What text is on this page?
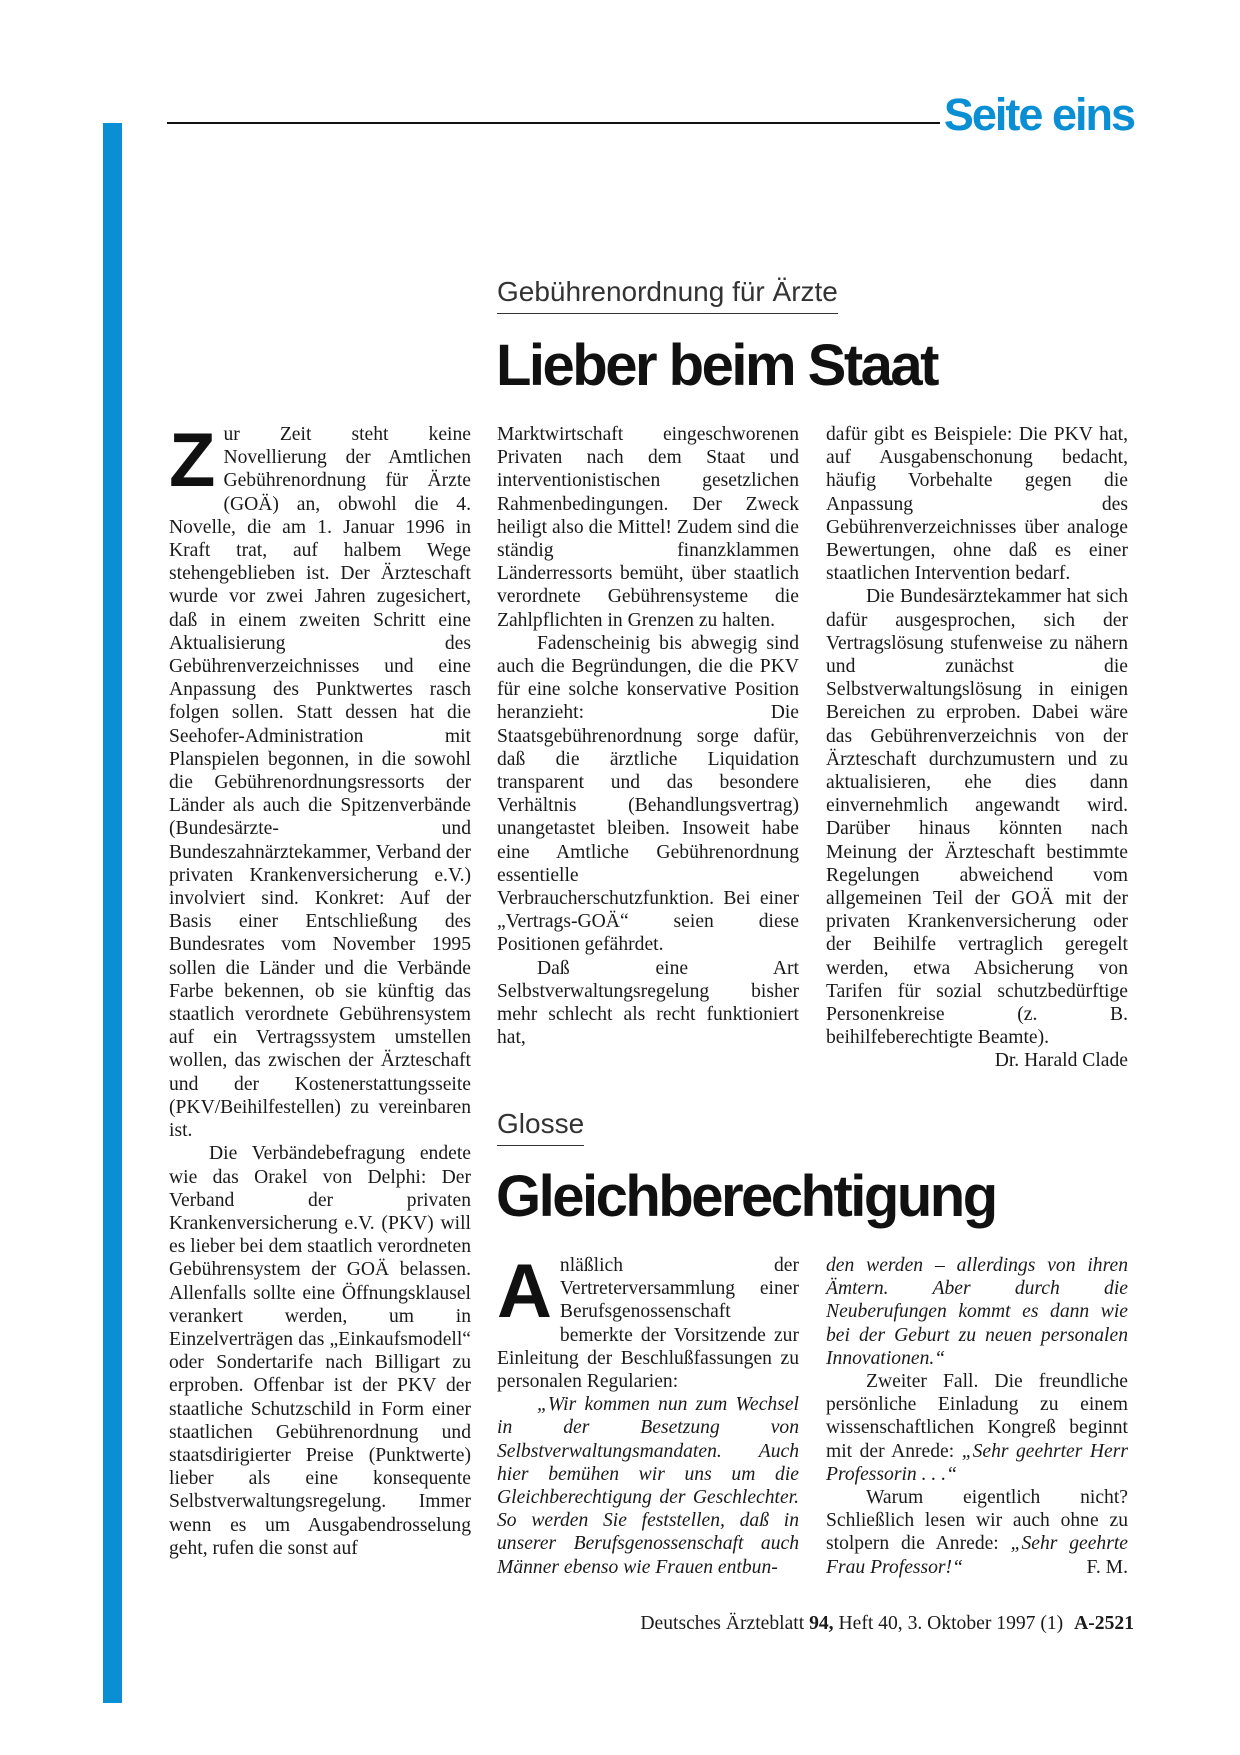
Seite eins
Gebührenordnung für Ärzte
Lieber beim Staat

Zur Zeit steht keine Novellierung der Amtlichen Gebührenordnung für Ärzte (GOÄ) an, obwohl die 4. Novelle, die am 1. Januar 1996 in Kraft trat, auf halbem Wege stehengeblieben ist. Der Ärzteschaft wurde vor zwei Jahren zugesichert, daß in einem zweiten Schritt eine Aktualisierung des Gebührenverzeichnisses und eine Anpassung des Punktwertes rasch folgen sollen. Statt dessen hat die Seehofer-Administration mit Planspielen begonnen, in die sowohl die Gebührenordnungsressorts der Länder als auch die Spitzenverbände (Bundesärzte- und Bundeszahnärztekammer, Verband der privaten Krankenversicherung e.V.) involviert sind. Konkret: Auf der Basis einer Entschließung des Bundesrates vom November 1995 sollen die Länder und die Verbände Farbe bekennen, ob sie künftig das staatlich verordnete Gebührensystem auf ein Vertragssystem umstellen wollen, das zwischen der Ärzteschaft und der Kostenerstattungsseite (PKV/Beihilfestellen) zu vereinbaren ist.

Die Verbändebefragung endete wie das Orakel von Delphi: Der Verband der privaten Krankenversicherung e.V. (PKV) will es lieber bei dem staatlich verordneten Gebührensystem der GOÄ belassen. Allenfalls sollte eine Öffnungsklausel verankert werden, um in Einzelverträgen das „Einkaufsmodell“ oder Sondertarife nach Billigart zu erproben. Offenbar ist der PKV der staatliche Schutzschild in Form einer staatlichen Gebührenordnung und staatsdirigierter Preise (Punktwerte) lieber als eine konsequente Selbstverwaltungsregelung. Immer wenn es um Ausgabendrosselung geht, rufen die sonst auf

Marktwirtschaft eingeschworenen Privaten nach dem Staat und interventionistischen gesetzlichen Rahmenbedingungen. Der Zweck heiligt also die Mittel! Zudem sind die ständig finanzklammen Länderressorts bemüht, über staatlich verordnete Gebührensysteme die Zahlpflichten in Grenzen zu halten.

Fadenscheinig bis abwegig sind auch die Begründungen, die die PKV für eine solche konservative Position heranzieht: Die Staatsgebührenordnung sorge dafür, daß die ärztliche Liquidation transparent und das besondere Verhältnis (Behandlungsvertrag) unangetastet bleiben. Insoweit habe eine Amtliche Gebührenordnung essentielle Verbraucherschutzfunktion. Bei einer „Vertrags-GOÄ“ seien diese Positionen gefährdet.

Daß eine Art Selbstverwaltungsregelung bisher mehr schlecht als recht funktioniert hat,

dafür gibt es Beispiele: Die PKV hat, auf Ausgabenschonung bedacht, häufig Vorbehalte gegen die Anpassung des Gebührenverzeichnisses über analoge Bewertungen, ohne daß es einer staatlichen Intervention bedarf.

Die Bundesärztekammer hat sich dafür ausgesprochen, sich der Vertragslösung stufenweise zu nähern und zunächst die Selbstverwaltungslösung in einigen Bereichen zu erproben. Dabei wäre das Gebührenverzeichnis von der Ärzteschaft durchzumustern und zu aktualisieren, ehe dies dann einvernehmlich angewandt wird. Darüber hinaus könnten nach Meinung der Ärzteschaft bestimmte Regelungen abweichend vom allgemeinen Teil der GOÄ mit der privaten Krankenversicherung oder der Beihilfe vertraglich geregelt werden, etwa Absicherung von Tarifen für sozial schutzbedürftige Personenkreise (z. B. beihilfeberechtigte Beamte).
Dr. Harald Clade

Glosse
Gleichberechtigung

Anläßlich der Vertreterversammlung einer Berufsgenossenschaft bemerkte der Vorsitzende zur Einleitung der Beschlußfassungen zu personalen Regularien:

„Wir kommen nun zum Wechsel in der Besetzung von Selbstverwaltungsmandaten. Auch hier bemühen wir uns um die Gleichberechtigung der Geschlechter. So werden Sie feststellen, daß in unserer Berufsgenossenschaft auch Männer ebenso wie Frauen entbun-

den werden – allerdings von ihren Ämtern. Aber durch die Neuberufungen kommt es dann wie bei der Geburt zu neuen personalen Innovationen.“

Zweiter Fall. Die freundliche persönliche Einladung zu einem wissenschaftlichen Kongreß beginnt mit der Anrede: „Sehr geehrter Herr Professorin . . .“

Warum eigentlich nicht? Schließlich lesen wir auch ohne zu stolpern die Anrede: „Sehr geehrte Frau Professor!“	F. M.

Deutsches Ärzteblatt 94, Heft 40, 3. Oktober 1997 (1) A-2521
